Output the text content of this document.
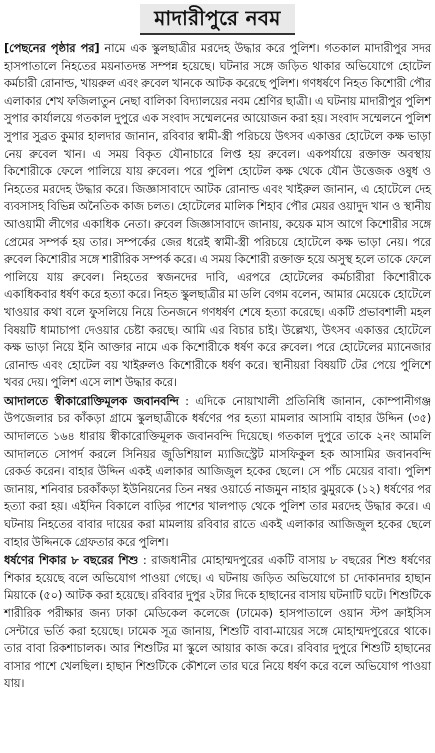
মাদারীপুরে নবম

[পেছনের পৃষ্ঠার পর] নামে এক স্কুলছাত্রীর মরদেহ উদ্ধার করে পুলিশ। গতকাল মাদারীপুর সদর হাসপাতালে নিহতের ময়নাতদন্ত সম্পন্ন হয়েছে। ঘটনার সঙ্গে জড়িত থাকার অভিযোগে হোটেল কর্মচারী রোনাল্ড, খায়রুল এবং রুবেল খানকে আটক করেছে পুলিশ। গণধর্ষণে নিহত কিশোরী পৌর এলাকার শেখ ফজিলাতুন নেছা বালিকা বিদ্যালয়ের নবম শ্রেণির ছাত্রী। এ ঘটনায় মাদারীপুর পুলিশ সুপার কার্যালয়ে গতকাল দুপুরে এক সংবাদ সম্মেলনের আয়োজন করা হয়। সংবাদ সম্মেলনে পুলিশ সুপার সুব্রত কুমার হালদার জানান, রবিবার স্বামী-স্ত্রী পরিচয়ে উৎসব একাত্তর হোটেলে কক্ষ ভাড়া নেয় রুবেল খান। এ সময় বিকৃত যৌনাচারে লিপ্ত হয় রুবেল। একপর্যায়ে রক্তাক্ত অবস্থায় কিশোরীকে ফেলে পালিয়ে যায় রুবেল। পরে পুলিশ হোটেল কক্ষ থেকে যৌন উত্তেজক ওষুধ ও নিহতের মরদেহ উদ্ধার করে। জিজ্ঞাসাবাদে আটক রোনাল্ড এবং খাইরুল জানান, এ হোটেলে দেহ ব্যবসাসহ বিভিন্ন অনৈতিক কাজ চলত। হোটেলের মালিক শিহাব পৌর মেয়র ওয়াদুদ খান ও স্থানীয় আওয়ামী লীগের একাধিক নেতা। রুবেল জিজ্ঞাসাবাদে জানায়, কয়েক মাস আগে কিশোরীর সঙ্গে প্রেমের সম্পর্ক হয় তার। সম্পর্কের জের ধরেই স্বামী-স্ত্রী পরিচয়ে হোটেলে কক্ষ ভাড়া নেয়। পরে রুবেল কিশোরীর সঙ্গে শারীরিক সম্পর্ক করে। এ সময় কিশোরী রক্তাক্ত হয়ে অসুস্থ হলে তাকে ফেলে পালিয়ে যায় রুবেল। নিহতের স্বজনদের দাবি, এরপরে হোটেলের কর্মচারীরা কিশোরীকে একাধিকবার ধর্ষণ করে হত্যা করে। নিহত স্কুলছাত্রীর মা ডলি বেগম বলেন, আমার মেয়েকে হোটেলে খাওয়ার কথা বলে ফুসলিয়ে নিয়ে তিনজনে গণধর্ষণ শেষে হত্যা করেছে। একটি প্রভাবশালী মহল বিষয়টি ধামাচাপা দেওয়ার চেষ্টা করছে। আমি এর বিচার চাই। উল্লেখ্য, উৎসব একাত্তর হোটেলে কক্ষ ভাড়া নিয়ে ইনি আক্তার নামে এক কিশোরীকে ধর্ষণ করে রুবেল। পরে হোটেলের ম্যানেজার রোনাল্ড এবং হোটেল বয় খাইরুলও কিশোরীকে ধর্ষণ করে। স্থানীয়রা বিষয়টি টের পেয়ে পুলিশে খবর দেয়। পুলিশ এসে লাশ উদ্ধার করে।

আদালতে স্বীকারোক্তিমূলক জবানবন্দি : এদিকে নোয়াখালী প্রতিনিধি জানান, কোম্পানীগঞ্জ উপজেলার চর কাঁকড়া গ্রামে স্কুলছাত্রীকে ধর্ষণের পর হত্যা মামলার আসামি বাহার উদ্দিন (৩৫) আদালতে ১৬৪ ধারায় স্বীকারোক্তিমূলক জবানবন্দি দিয়েছে। গতকাল দুপুরে তাকে ২নং আমলি আদালতে সোপর্দ করলে সিনিয়র জুডিশিয়াল ম্যাজিস্ট্রেট মাসফিকুল হক আসামির জবানবন্দি রেকর্ড করেন। বাহার উদ্দিন একই এলাকার আজিজুল হকের ছেলে। সে পাঁচ মেয়ের বাবা। পুলিশ জানায়, শনিবার চরকাঁকড়া ইউনিয়নের তিন নম্বর ওয়ার্ডে নাজমুন নাহার ঝুমুরকে (১২) ধর্ষণের পর হত্যা করা হয়। এইদিন বিকালে বাড়ির পাশের খালপাড় থেকে পুলিশ তার মরদেহ উদ্ধার করে। এ ঘটনায় নিহতের বাবার দায়ের করা মামলায় রবিবার রাতে একই এলাকার আজিজুল হকের ছেলে বাহার উদ্দিনকে গ্রেফতার করে পুলিশ।

ধর্ষণের শিকার ৮ বছরের শিশু : রাজধানীর মোহাম্মদপুরের একটি বাসায় ৮ বছরের শিশু ধর্ষণের শিকার হয়েছে বলে অভিযোগ পাওয়া গেছে। এ ঘটনায় জড়িত অভিযোগে চা দোকানদার হাছান মিয়াকে (৫০) আটক করা হয়েছে। রবিবার দুপুর ২টার দিকে হাছানের বাসায় ঘটনাটি ঘটে। শিশুটিকে শারীরিক পরীক্ষার জন্য ঢাকা মেডিকেল কলেজে (ঢামেক) হাসপাতালে ওয়ান স্টপ ক্রাইসিস সেন্টারে ভর্তি করা হয়েছে। ঢামেক সূত্র জানায়, শিশুটি বাবা-মায়ের সঙ্গে মোহাম্মদপুরেরে থাকে। তার বাবা রিকশাচালক। আর শিশুটির মা স্কুলে আয়ার কাজ করে। রবিবার দুপুরে শিশুটি হাছানের বাসার পাশে খেলছিল। হাছান শিশুটিকে কৌশলে তার ঘরে নিয়ে ধর্ষণ করে বলে অভিযোগ পাওয়া যায়।
